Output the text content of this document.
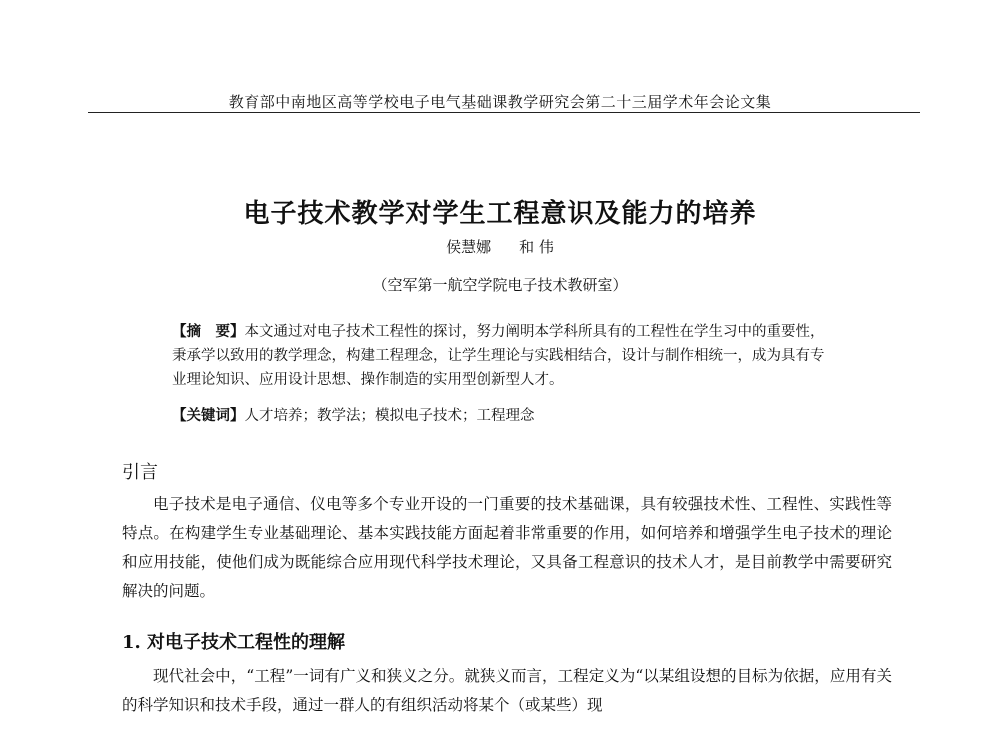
教育部中南地区高等学校电子电气基础课教学研究会第二十三届学术年会论文集
电子技术教学对学生工程意识及能力的培养
侯慧娜 和 伟
（空军第一航空学院电子技术教研室）
【摘　要】本文通过对电子技术工程性的探讨，努力阐明本学科所具有的工程性在学生习中的重要性，秉承学以致用的教学理念，构建工程理念，让学生理论与实践相结合，设计与制作相统一，成为具有专业理论知识、应用设计思想、操作制造的实用型创新型人才。
【关键词】人才培养；教学法；模拟电子技术；工程理念
引言
电子技术是电子通信、仪电等多个专业开设的一门重要的技术基础课，具有较强技术性、工程性、实践性等特点。在构建学生专业基础理论、基本实践技能方面起着非常重要的作用，如何培养和增强学生电子技术的理论和应用技能，使他们成为既能综合应用现代科学技术理论，又具备工程意识的技术人才，是目前教学中需要研究解决的问题。
1. 对电子技术工程性的理解
现代社会中，“工程”一词有广义和狭义之分。就狭义而言，工程定义为“以某组设想的目标为依据，应用有关的科学知识和技术手段，通过一群人的有组织活动将某个（或某些）现
